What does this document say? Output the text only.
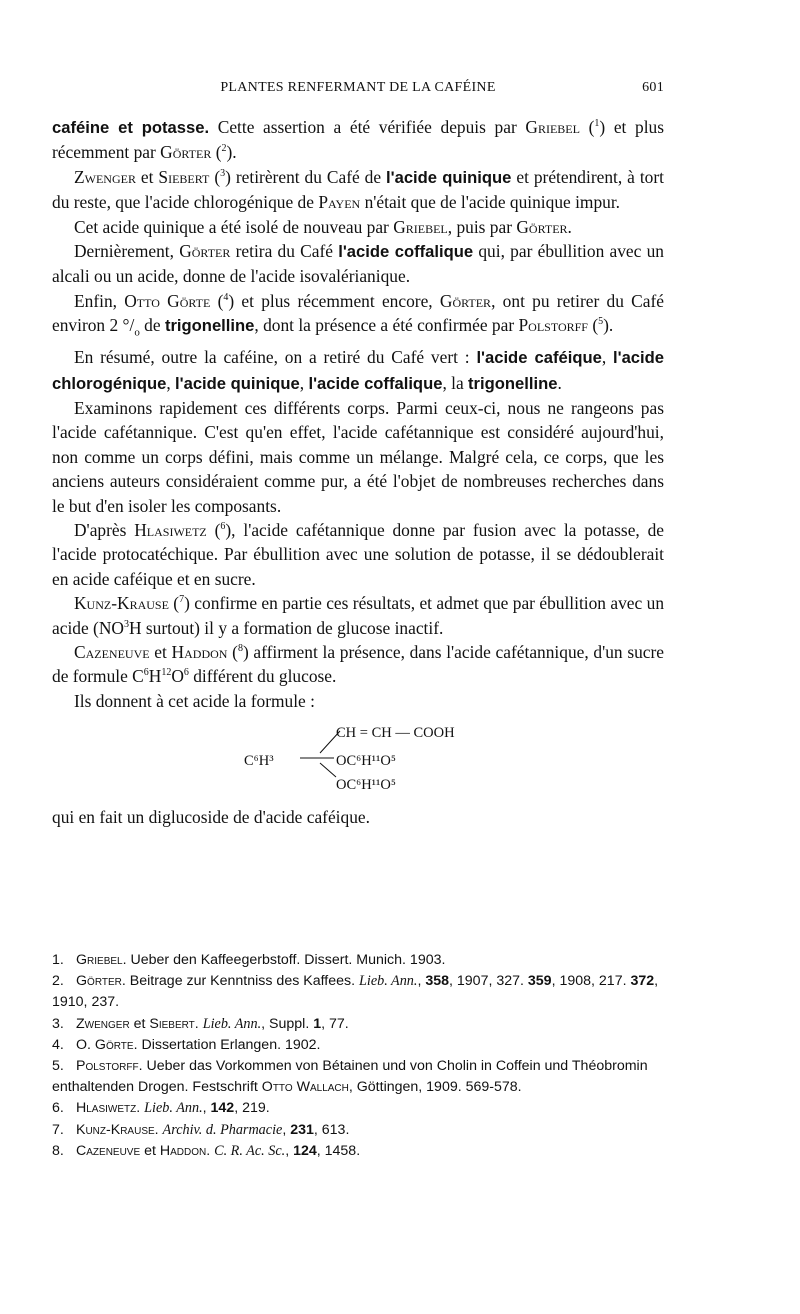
PLANTES RENFERMANT DE LA CAFÉINE	601

caféine et potasse. Cette assertion a été vérifiée depuis par Griebel ($^1$) et plus récemment par Görter ($^2$).

Zwenger et Siebert ($^3$) retirèrent du Café de l'acide quinique et prétendirent, à tort du reste, que l'acide chlorogénique de Payen n'était que de l'acide quinique impur.

Cet acide quinique a été isolé de nouveau par Griebel, puis par Görter.

Dernièrement, Görter retira du Café l'acide coffalique qui, par ébullition avec un alcali ou un acide, donne de l'acide isovalérianique.

Enfin, Otto Görte ($^4$) et plus récemment encore, Görter, ont pu retirer du Café environ 2 $^\circ/_o$ de trigonelline, dont la présence a été confirmée par Polstorff ($^5$).

En résumé, outre la caféine, on a retiré du Café vert : l'acide caféique, l'acide chlorogénique, l'acide quinique, l'acide coffalique, la trigonelline.

Examinons rapidement ces différents corps. Parmi ceux-ci, nous ne rangeons pas l'acide cafétannique. C'est qu'en effet, l'acide cafétannique est considéré aujourd'hui, non comme un corps défini, mais comme un mélange. Malgré cela, ce corps, que les anciens auteurs considéraient comme pur, a été l'objet de nombreuses recherches dans le but d'en isoler les composants.

D'après Hlasiwetz ($^6$), l'acide cafétannique donne par fusion avec la potasse, de l'acide protocatéchique. Par ébullition avec une solution de potasse, il se dédoublerait en acide caféique et en sucre.

Kunz-Krause ($^7$) confirme en partie ces résultats, et admet que par ébullition avec un acide ($NO^3H$ surtout) il y a formation de glucose inactif.

Cazeneuve et Haddon ($^8$) affirment la présence, dans l'acide cafétannique, d'un sucre de formule $C^6H^{12}O^6$ différent du glucose.

Ils donnent à cet acide la formule :

C⁶H³
CH = CH — COOH
OC⁶H¹¹O⁵
OC⁶H¹¹O⁵

qui en fait un diglucoside de d'acide caféique.

1. Griebel. Ueber den Kaffeegerbstoff. Dissert. Munich. 1903.

2. Görter. Beitrage zur Kenntniss des Kaffees. Lieb. Ann., 358, 1907, 327. 359, 1908, 217. 372, 1910, 237.

3. Zwenger et Siebert. Lieb. Ann., Suppl. 1, 77.

4. O. Görte. Dissertation Erlangen. 1902.

5. Polstorff. Ueber das Vorkommen von Bétainen und von Cholin in Coffein und Théobromin enthaltenden Drogen. Festschrift Otto Wallach, Göttingen, 1909. 569-578.

6. Hlasiwetz. Lieb. Ann., 142, 219.

7. Kunz-Krause. Archiv. d. Pharmacie, 231, 613.

8. Cazeneuve et Haddon. C. R. Ac. Sc., 124, 1458.
